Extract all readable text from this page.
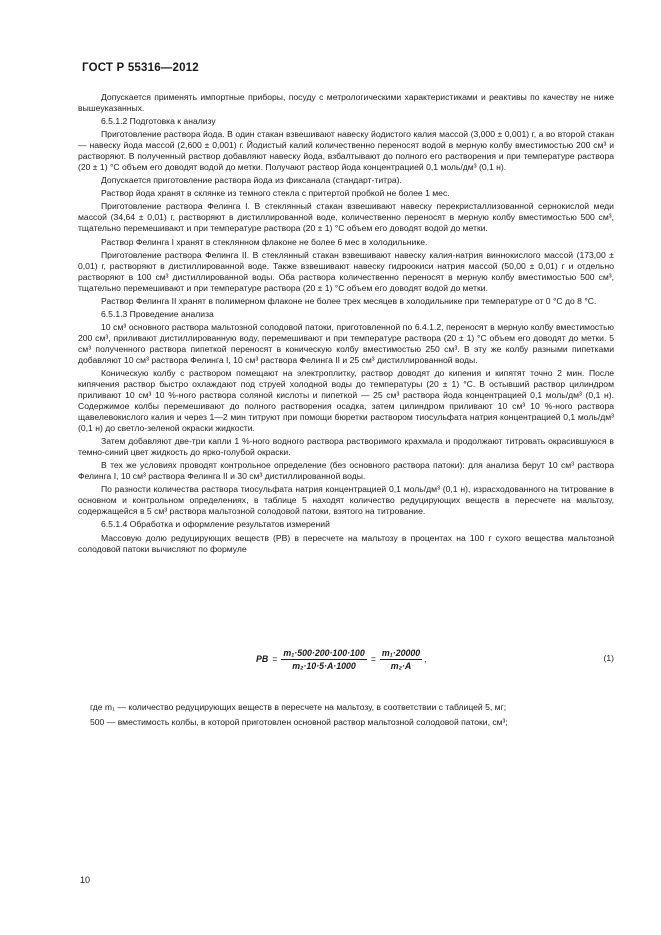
ГОСТ Р 55316—2012

Допускается применять импортные приборы, посуду с метрологическими характеристиками и реактивы по качеству не ниже вышеуказанных.

6.5.1.2 Подготовка к анализу

Приготовление раствора йода. В один стакан взвешивают навеску йодистого калия массой (3,000 ± 0,001) г, а во второй стакан — навеску йода массой (2,600 ± 0,001) г. Йодистый калий количественно переносят водой в мерную колбу вместимостью 200 см³ и растворяют. В полученный раствор добавляют навеску йода, взбалтывают до полного его растворения и при температуре раствора (20 ± 1) °С объем его доводят водой до метки. Получают раствор йода концентрацией 0,1 моль/дм³ (0,1 н).

Допускается приготовление раствора йода из фиксанала (стандарт-титра).

Раствор йода хранят в склянке из темного стекла с притертой пробкой не более 1 мес.

Приготовление раствора Фелинга I. В стеклянный стакан взвешивают навеску перекристаллизованной сернокислой меди массой (34,64 ± 0,01) г, растворяют в дистиллированной воде, количественно переносят в мерную колбу вместимостью 500 см³, тщательно перемешивают и при температуре раствора (20 ± 1) °С объем его доводят водой до метки.

Раствор Фелинга I хранят в стеклянном флаконе не более 6 мес в холодильнике.

Приготовление раствора Фелинга II. В стеклянный стакан взвешивают навеску калия-натрия виннокислого массой (173,00 ± 0,01) г, растворяют в дистиллированной воде. Также взвешивают навеску гидроокиси натрия массой (50,00 ± 0,01) г и отдельно растворяют в 100 см³ дистиллированной воды. Оба раствора количественно переносят в мерную колбу вместимостью 500 см³, тщательно перемешивают и при температуре раствора (20 ± 1) °С объем его доводят водой до метки.

Раствор Фелинга II хранят в полимерном флаконе не более трех месяцев в холодильнике при температуре от 0 °С до 8 °С.

6.5.1.3 Проведение анализа

10 см³ основного раствора мальтозной солодовой патоки, приготовленной по 6.4.1.2, переносят в мерную колбу вместимостью 200 см³, приливают дистиллированную воду, перемешивают и при температуре раствора (20 ± 1) °С объем его доводят до метки. 5 см³ полученного раствора пипеткой переносят в коническую колбу вместимостью 250 см³. В эту же колбу разными пипетками добавляют 10 см³ раствора Фелинга I, 10 см³ раствора Фелинга II и 25 см³ дистиллированной воды.

Коническую колбу с раствором помещают на электроплитку, раствор доводят до кипения и кипятят точно 2 мин. После кипячения раствор быстро охлаждают под струей холодной воды до температуры (20 ± 1) °С. В остывший раствор цилиндром приливают 10 см³ 10 %-ного раствора соляной кислоты и пипеткой — 25 см³ раствора йода концентрацией 0,1 моль/дм³ (0,1 н). Содержимое колбы перемешивают до полного растворения осадка, затем цилиндром приливают 10 см³ 10 %-ного раствора щавелевокислого калия и через 1—2 мин титруют при помощи бюретки раствором тиосульфата натрия концентрацией 0,1 моль/дм³ (0,1 н) до светло-зеленой окраски жидкости.

Затем добавляют две-три капли 1 %-ного водного раствора растворимого крахмала и продолжают титровать окрасившуюся в темно-синий цвет жидкость до ярко-голубой окраски.

В тех же условиях проводят контрольное определение (без основного раствора патоки): для анализа берут 10 см³ раствора Фелинга I, 10 см³ раствора Фелинга II и 30 см³ дистиллированной воды.

По разности количества раствора тиосульфата натрия концентрацией 0,1 моль/дм³ (0,1 н), израсходованного на титрование в основном и контрольном определениях, в таблице 5 находят количество редуцирующих веществ в пересчете на мальтозу, содержащейся в 5 см³ раствора мальтозной солодовой патоки, взятого на титрование.

6.5.1.4 Обработка и оформление результатов измерений

Массовую долю редуцирующих веществ (РВ) в пересчете на мальтозу в процентах на 100 г сухого вещества мальтозной солодовой патоки вычисляют по формуле

PB = $\frac{\text{m₁·500·200·100·100}}{\text{m₂·10·5·A·1000}} = \frac{\text{m₁·20000}}{\text{m₂·A}}$ ,	(1)

где m₁ — количество редуцирующих веществ в пересчете на мальтозу, в соответствии с таблицей 5, мг;

500 — вместимость колбы, в которой приготовлен основной раствор мальтозной солодовой патоки, см³;

10
